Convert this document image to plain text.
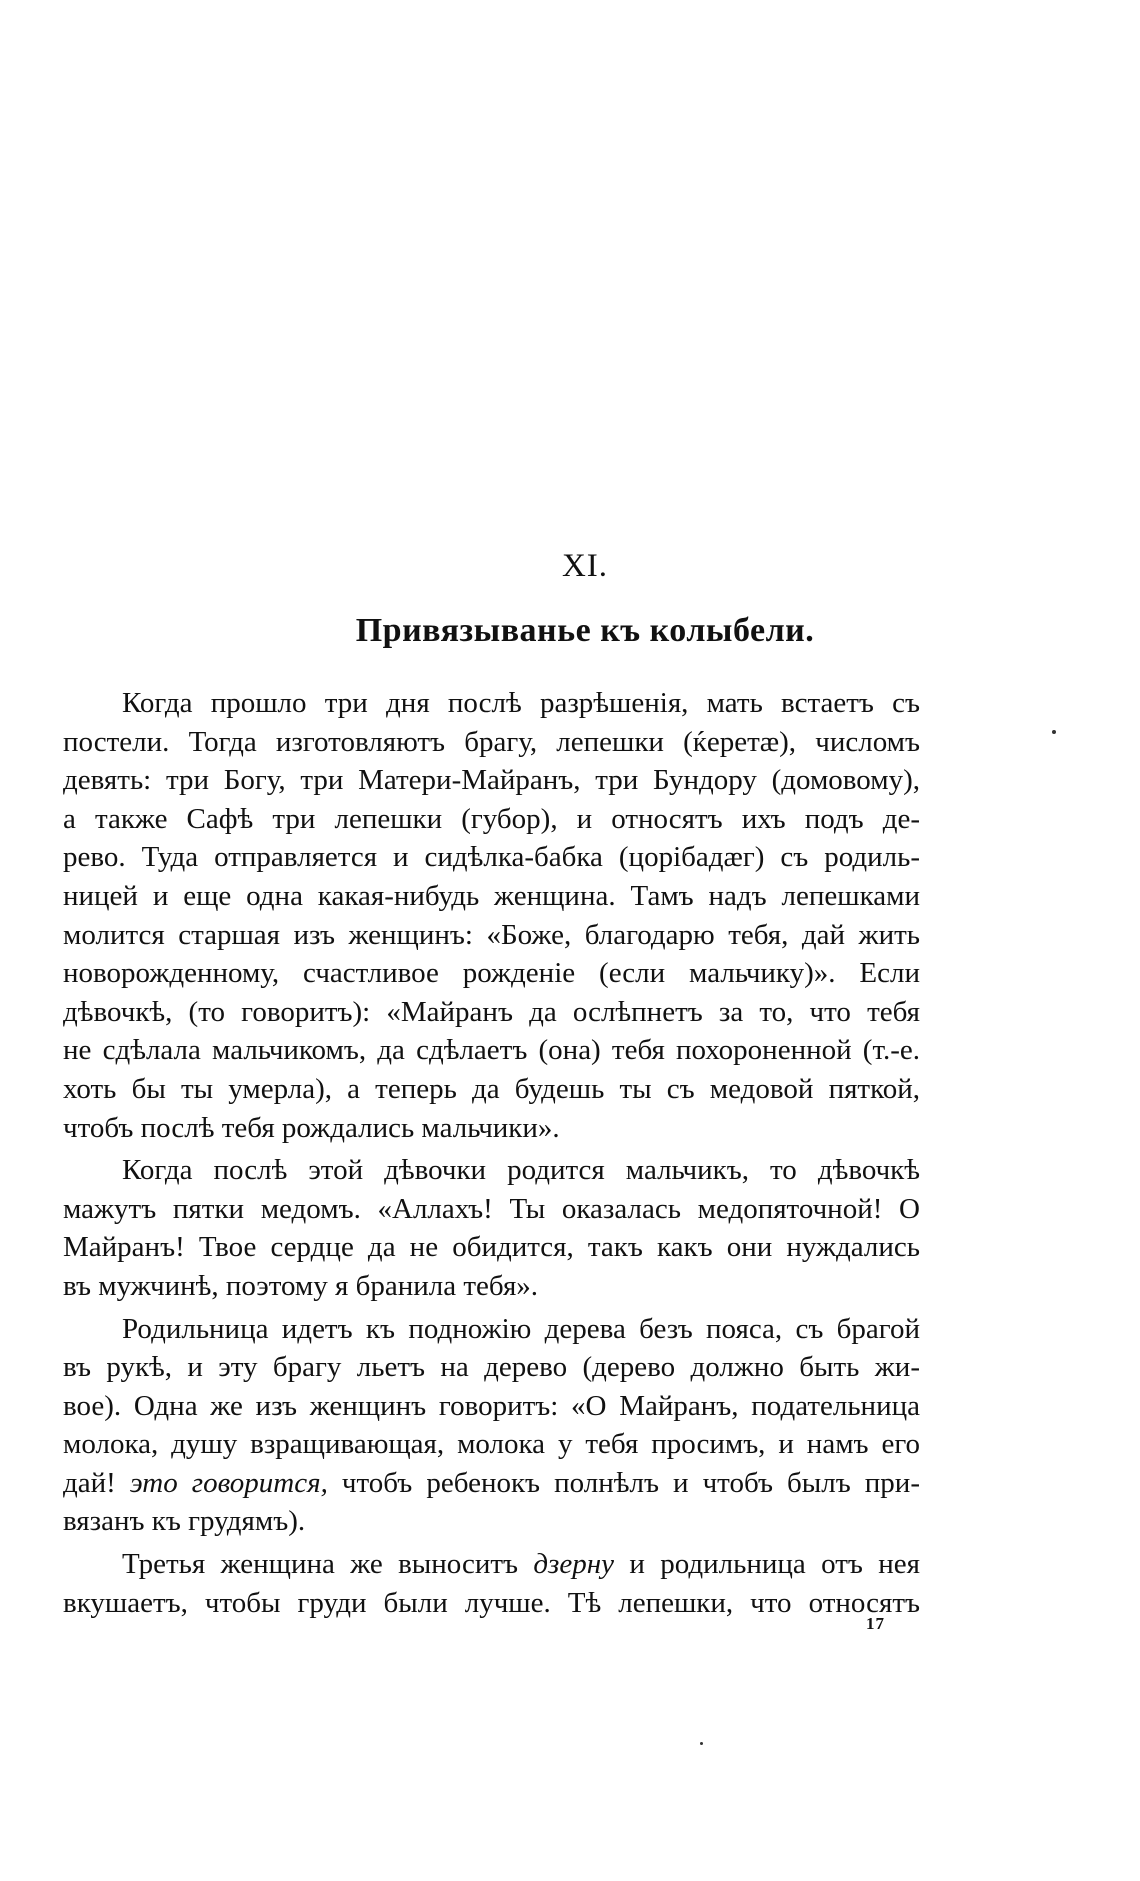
XI.
Привязыванье къ колыбели.
Когда прошло три дня послѣ разрѣшенія, мать встаетъ съ
постели. Тогда изготовляютъ брагу, лепешки (ќеретæ), числомъ
девять: три Богу, три Матери-Майранъ, три Бундору (домовому),
а также Сафѣ три лепешки (губор), и относятъ ихъ подъ де-
рево. Туда отправляется и сидѣлка-бабка (цорібадæг) съ родиль-
ницей и еще одна какая-нибудь женщина. Тамъ надъ лепешками
молится старшая изъ женщинъ: «Боже, благодарю тебя, дай жить
новорожденному, счастливое рожденіе (если мальчику)». Если
дѣвочкѣ, (то говоритъ): «Майранъ да ослѣпнетъ за то, что тебя
не сдѣлала мальчикомъ, да сдѣлаетъ (она) тебя похороненной (т.-е.
хоть бы ты умерла), а теперь да будешь ты съ медовой пяткой,
чтобъ послѣ тебя рождались мальчики».
Когда послѣ этой дѣвочки родится мальчикъ, то дѣвочкѣ
мажутъ пятки медомъ. «Аллахъ! Ты оказалась медопяточной! О
Майранъ! Твое сердце да не обидится, такъ какъ они нуждались
въ мужчинѣ, поэтому я бранила тебя».
Родильница идетъ къ подножію дерева безъ пояса, съ брагой
въ рукѣ, и эту брагу льетъ на дерево (дерево должно быть жи-
вое). Одна же изъ женщинъ говоритъ: «О Майранъ, подательница
молока, душу взращивающая, молока у тебя просимъ, и намъ его
дай! это говорится, чтобъ ребенокъ полнѣлъ и чтобъ былъ при-
вязанъ къ грудямъ).
Третья женщина же выноситъ дзерну и родильница отъ нея
вкушаетъ, чтобы груди были лучше. Тѣ лепешки, что относятъ
17
